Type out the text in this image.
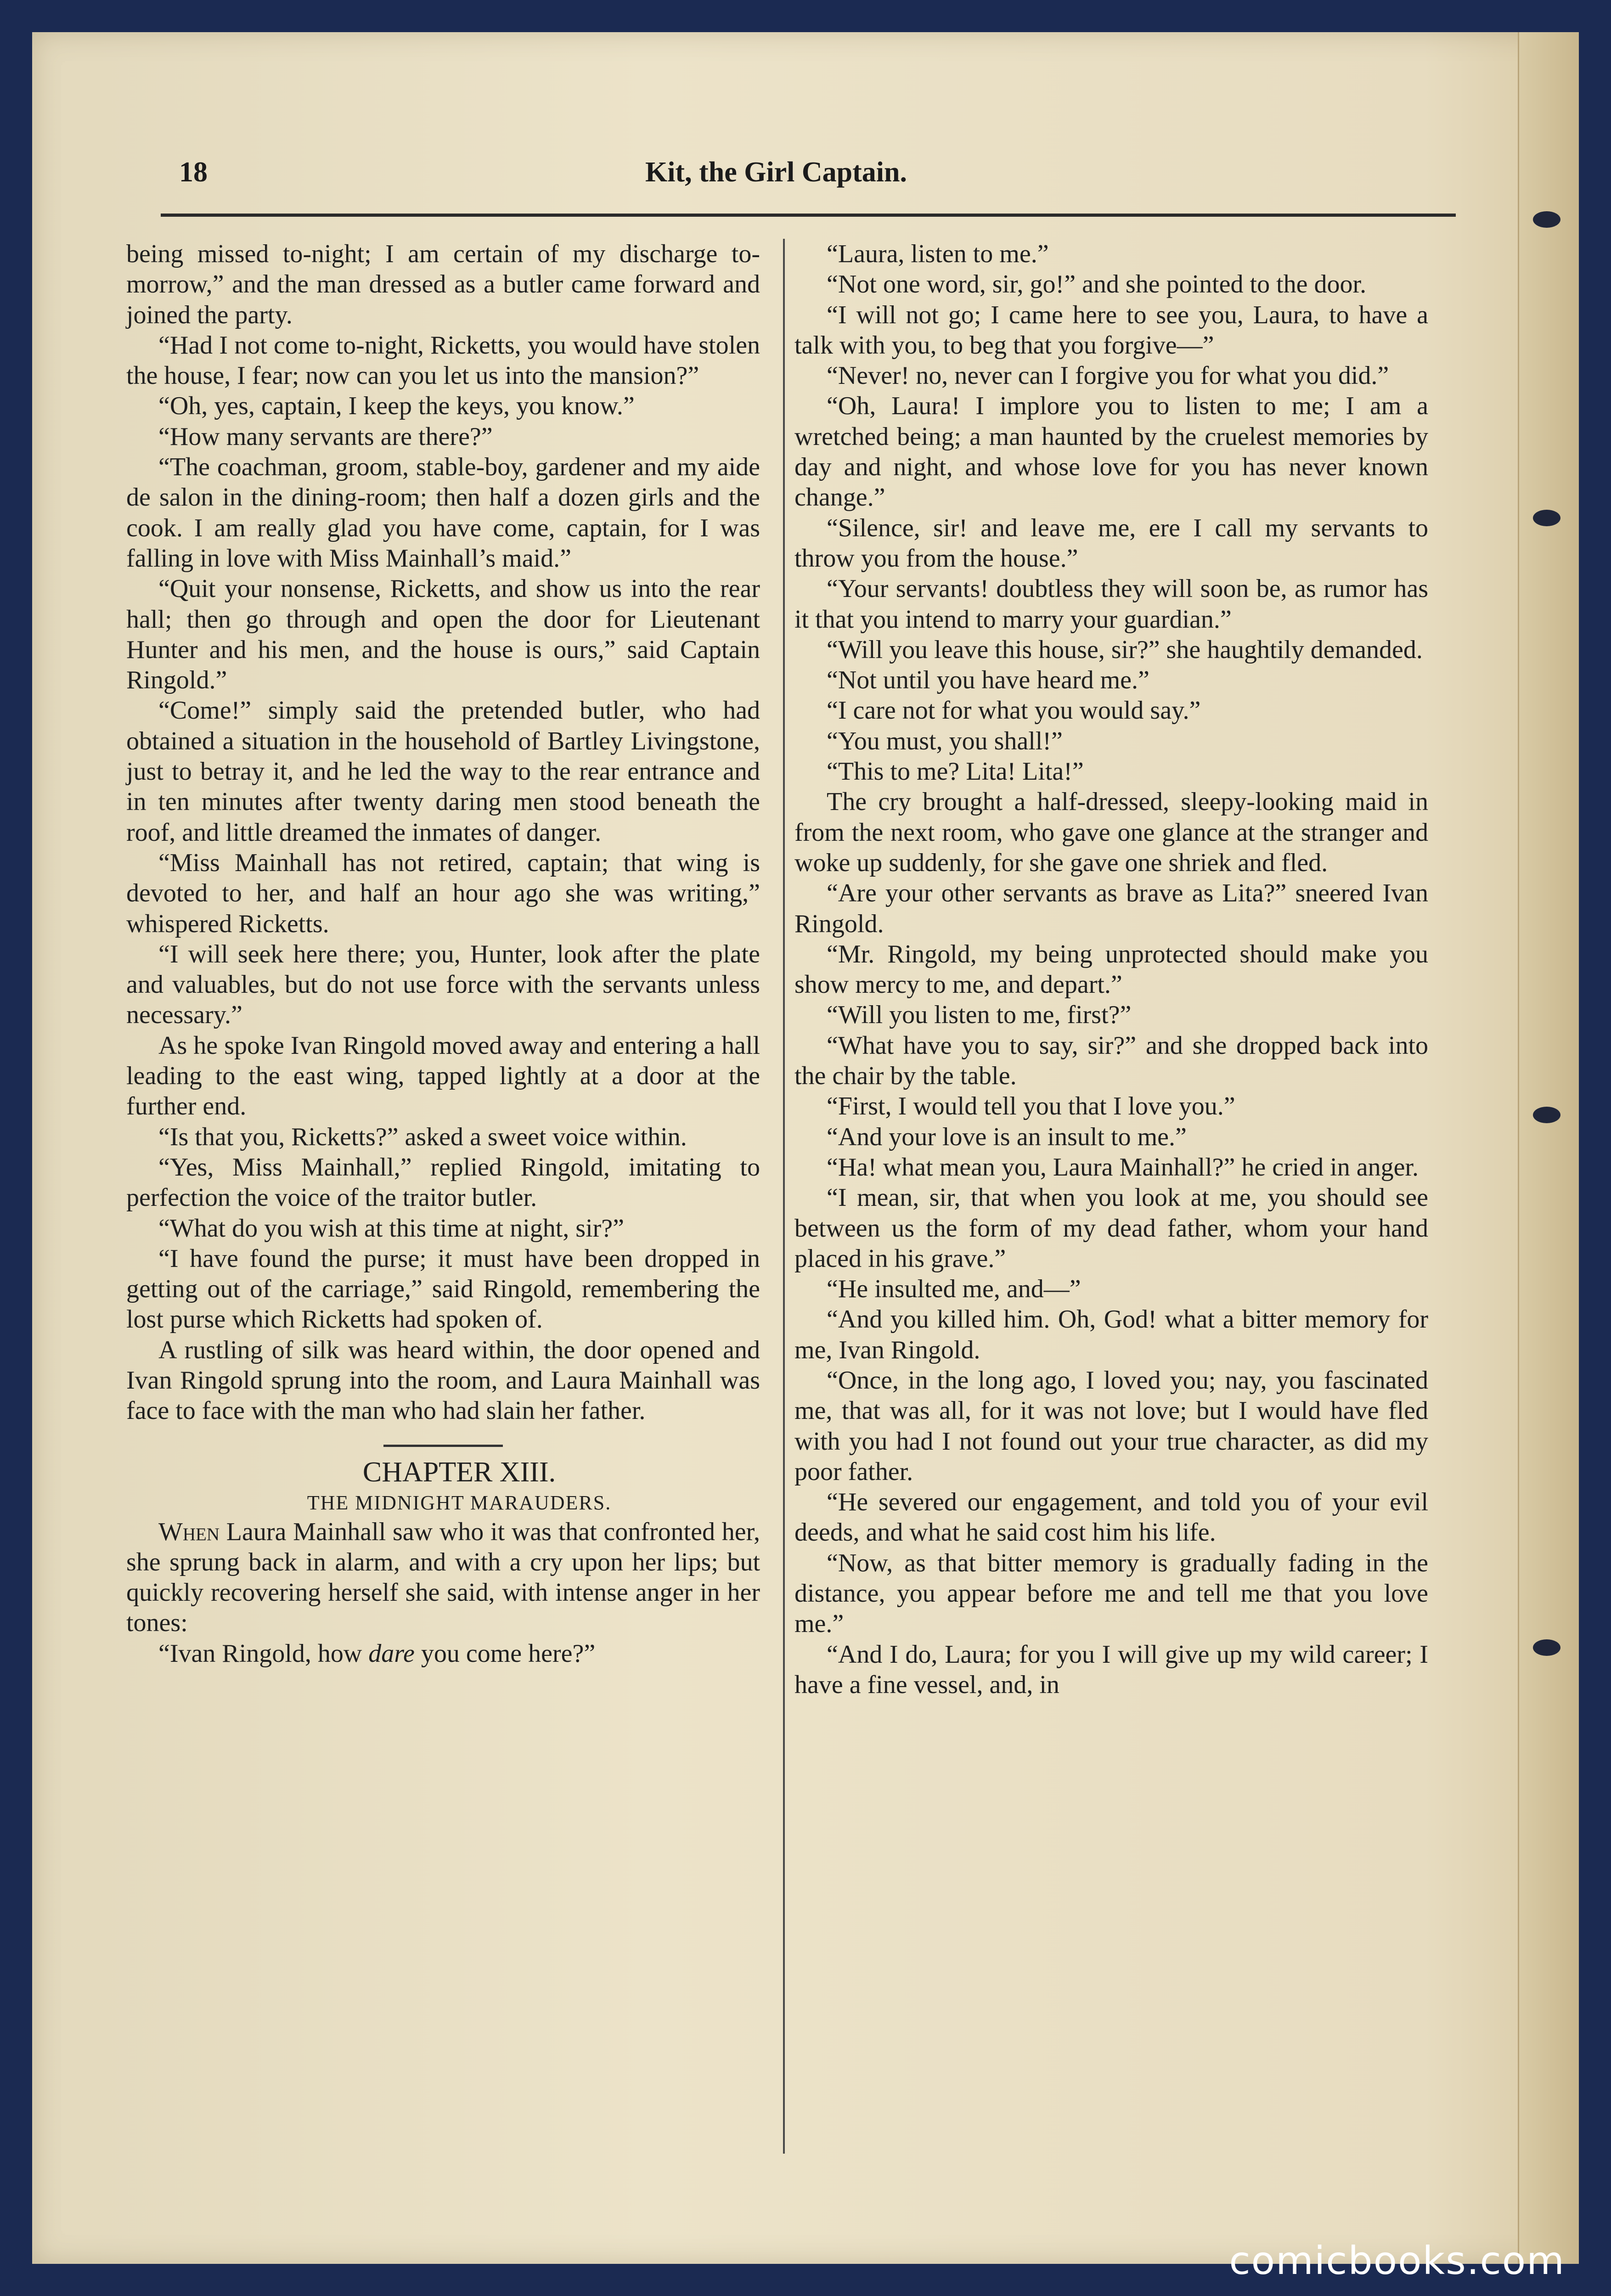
18	Kit, the Girl Captain.

being missed to-night; I am certain of my discharge to-morrow,” and the man dressed as a butler came forward and joined the party.

“Had I not come to-night, Ricketts, you would have stolen the house, I fear; now can you let us into the mansion?”

“Oh, yes, captain, I keep the keys, you know.”

“How many servants are there?”

“The coachman, groom, stable-boy, gardener and my aide de salon in the dining-room; then half a dozen girls and the cook. I am really glad you have come, captain, for I was falling in love with Miss Mainhall’s maid.”

“Quit your nonsense, Ricketts, and show us into the rear hall; then go through and open the door for Lieutenant Hunter and his men, and the house is ours,” said Captain Ringold.”

“Come!” simply said the pretended butler, who had obtained a situation in the household of Bartley Livingstone, just to betray it, and he led the way to the rear entrance and in ten minutes after twenty daring men stood beneath the roof, and little dreamed the inmates of danger.

“Miss Mainhall has not retired, captain; that wing is devoted to her, and half an hour ago she was writing,” whispered Ricketts.

“I will seek here there; you, Hunter, look after the plate and valuables, but do not use force with the servants unless necessary.”

As he spoke Ivan Ringold moved away and entering a hall leading to the east wing, tapped lightly at a door at the further end.

“Is that you, Ricketts?” asked a sweet voice within.

“Yes, Miss Mainhall,” replied Ringold, imitating to perfection the voice of the traitor butler.

“What do you wish at this time at night, sir?”

“I have found the purse; it must have been dropped in getting out of the carriage,” said Ringold, remembering the lost purse which Ricketts had spoken of.

A rustling of silk was heard within, the door opened and Ivan Ringold sprung into the room, and Laura Mainhall was face to face with the man who had slain her father.

CHAPTER XIII.

THE MIDNIGHT MARAUDERS.

When Laura Mainhall saw who it was that confronted her, she sprung back in alarm, and with a cry upon her lips; but quickly recovering herself she said, with intense anger in her tones:

“Ivan Ringold, how dare you come here?”

“Laura, listen to me.”

“Not one word, sir, go!” and she pointed to the door.

“I will not go; I came here to see you, Laura, to have a talk with you, to beg that you forgive—”

“Never! no, never can I forgive you for what you did.”

“Oh, Laura! I implore you to listen to me; I am a wretched being; a man haunted by the cruelest memories by day and night, and whose love for you has never known change.”

“Silence, sir! and leave me, ere I call my servants to throw you from the house.”

“Your servants! doubtless they will soon be, as rumor has it that you intend to marry your guardian.”

“Will you leave this house, sir?” she haughtily demanded.

“Not until you have heard me.”

“I care not for what you would say.”

“You must, you shall!”

“This to me? Lita! Lita!”

The cry brought a half-dressed, sleepy-looking maid in from the next room, who gave one glance at the stranger and woke up suddenly, for she gave one shriek and fled.

“Are your other servants as brave as Lita?” sneered Ivan Ringold.

“Mr. Ringold, my being unprotected should make you show mercy to me, and depart.”

“Will you listen to me, first?”

“What have you to say, sir?” and she dropped back into the chair by the table.

“First, I would tell you that I love you.”

“And your love is an insult to me.”

“Ha! what mean you, Laura Mainhall?” he cried in anger.

“I mean, sir, that when you look at me, you should see between us the form of my dead father, whom your hand placed in his grave.”

“He insulted me, and—”

“And you killed him. Oh, God! what a bitter memory for me, Ivan Ringold.

“Once, in the long ago, I loved you; nay, you fascinated me, that was all, for it was not love; but I would have fled with you had I not found out your true character, as did my poor father.

“He severed our engagement, and told you of your evil deeds, and what he said cost him his life.

“Now, as that bitter memory is gradually fading in the distance, you appear before me and tell me that you love me.”

“And I do, Laura; for you I will give up my wild career; I have a fine vessel, and, in

comicbooks.com
